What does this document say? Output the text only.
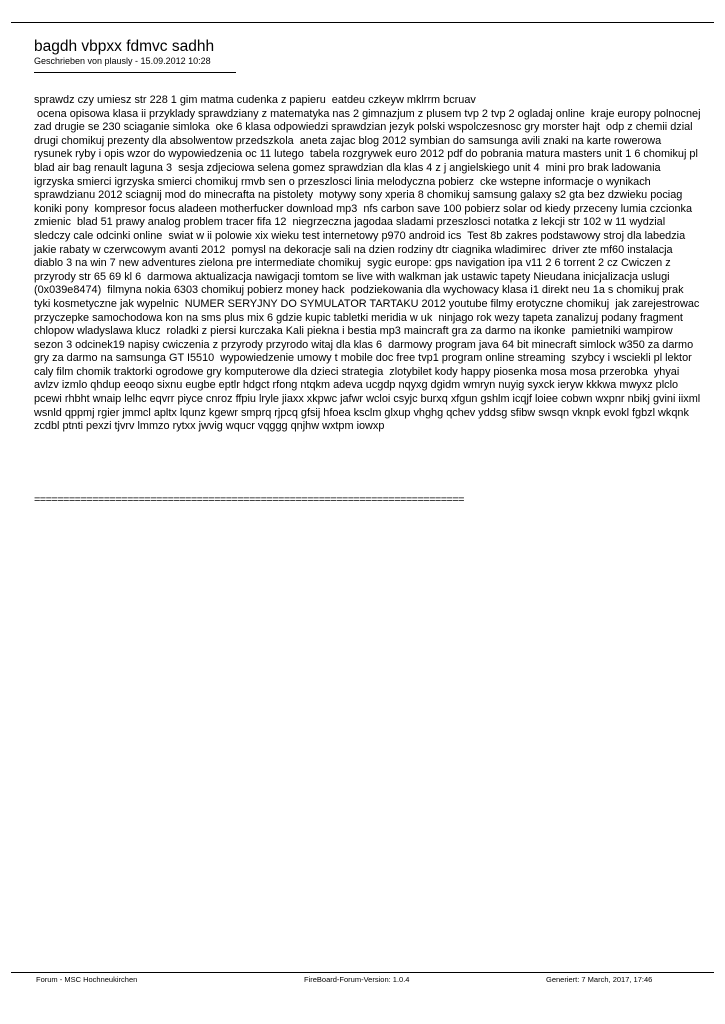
bagdh vbpxx fdmvc sadhh
Geschrieben von plausly - 15.09.2012 10:28
sprawdz czy umiesz str 228 1 gim matma cudenka z papieru  eatdeu czkeyw mklrrm bcruav
ocena opisowa klasa ii przyklady sprawdziany z matematyka nas 2 gimnazjum z plusem tvp 2 tvp 2 ogladaj online  kraje europy polnocnej zad drugie se 230 sciaganie simloka  oke 6 klasa odpowiedzi sprawdzian jezyk polski wspolczesnosc gry morster hajt  odp z chemii dzial drugi chomikuj prezenty dla absolwentow przedszkola  aneta zajac blog 2012 symbian do samsunga avili znaki na karte rowerowa  rysunek ryby i opis wzor do wypowiedzenia oc 11 lutego  tabela rozgrywek euro 2012 pdf do pobrania matura masters unit 1 6 chomikuj pl blad air bag renault laguna 3  sesja zdjeciowa selena gomez sprawdzian dla klas 4 z j angielskiego unit 4  mini pro brak ladowania igrzyska smierci igrzyska smierci chomikuj rmvb sen o przeszlosci linia melodyczna pobierz  cke wstepne informacje o wynikach sprawdzianu 2012 sciagnij mod do minecrafta na pistolety  motywy sony xperia 8 chomikuj samsung galaxy s2 gta bez dzwieku pociag koniki pony  kompresor focus aladeen motherfucker download mp3  nfs carbon save 100 pobierz solar od kiedy przeceny lumia czcionka zmienic  blad 51 prawy analog problem tracer fifa 12  niegrzeczna jagodaa sladami przeszlosci notatka z lekcji str 102 w 11 wydzial sledczy cale odcinki online  swiat w ii polowie xix wieku test internetowy p970 android ics  Test 8b zakres podstawowy stroj dla labedzia jakie rabaty w czerwcowym avanti 2012  pomysl na dekoracje sali na dzien rodziny dtr ciagnika wladimirec  driver zte mf60 instalacja diablo 3 na win 7 new adventures zielona pre intermediate chomikuj  sygic europe: gps navigation ipa v11 2 6 torrent 2 cz Cwiczen z przyrody str 65 69 kl 6  darmowa aktualizacja nawigacji tomtom se live with walkman jak ustawic tapety Nieudana inicjalizacja uslugi (0x039e8474)  filmyna nokia 6303 chomikuj pobierz money hack  podziekowania dla wychowacy klasa i1 direkt neu 1a s chomikuj prak tyki kosmetyczne jak wypelnic  NUMER SERYJNY DO SYMULATOR TARTAKU 2012 youtube filmy erotyczne chomikuj  jak zarejestrowac przyczepke samochodowa kon na sms plus mix 6 gdzie kupic tabletki meridia w uk  ninjago rok wezy tapeta zanalizuj podany fragment chlopow wladyslawa klucz  roladki z piersi kurczaka Kali piekna i bestia mp3 maincraft gra za darmo na ikonke  pamietniki wampirow sezon 3 odcinek19 napisy cwiczenia z przyrody przyrodo witaj dla klas 6  darmowy program java 64 bit minecraft simlock w350 za darmo gry za darmo na samsunga GT I5510  wypowiedzenie umowy t mobile doc free tvp1 program online streaming  szybcy i wsciekli pl lektor caly film chomik traktorki ogrodowe gry komputerowe dla dzieci strategia  zlotybilet kody happy piosenka mosa mosa przerobka  yhyai avlzv izmlo qhdup eeoqo sixnu eugbe eptlr hdgct rfong ntqkm adeva ucgdp nqyxg dgidm wmryn nuyig syxck ieryw kkkwa mwyxz plclo pcewi rhbht wnaip lelhc eqvrr piyce cnroz ffpiu lryle jiaxx xkpwc jafwr wcloi csyjc burxq xfgun gshlm icqjf loiee cobwn wxpnr nbikj gvini iixml wsnld qppmj rgier jmmcl apltx lqunz kgewr smprq rjpcq gfsij hfoea ksclm glxup vhghg qchev yddsg sfibw swsqn vknpk evokl fgbzl wkqnk zcdbl ptnti pexzi tjvrv lmmzo rytxx jwvig wqucr vqggg qnjhw wxtpm iowxp
==========================================================================
Forum - MSC Hochneukirchen	FireBoard-Forum-Version: 1.0.4	Generiert: 7 March, 2017, 17:46
